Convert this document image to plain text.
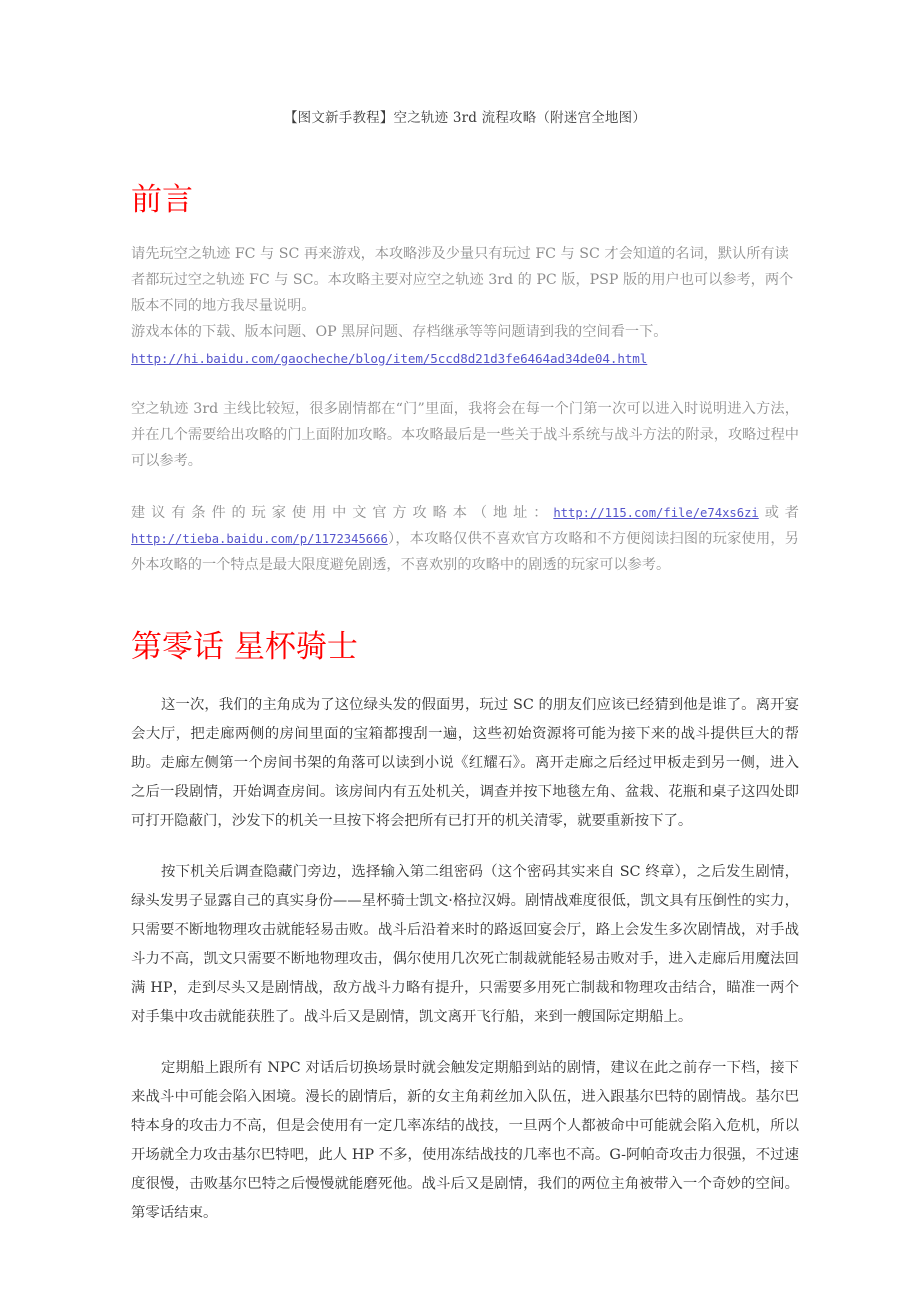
【图文新手教程】空之轨迹 3rd 流程攻略（附迷宫全地图）
前言

请先玩空之轨迹 FC 与 SC 再来游戏，本攻略涉及少量只有玩过 FC 与 SC 才会知道的名词，默认所有读者都玩过空之轨迹 FC 与 SC。本攻略主要对应空之轨迹 3rd 的 PC 版，PSP 版的用户也可以参考，两个版本不同的地方我尽量说明。

游戏本体的下载、版本问题、OP 黑屏问题、存档继承等等问题请到我的空间看一下。

http://hi.baidu.com/gaocheche/blog/item/5ccd8d21d3fe6464ad34de04.html

空之轨迹 3rd 主线比较短，很多剧情都在“门”里面，我将会在每一个门第一次可以进入时说明进入方法，并在几个需要给出攻略的门上面附加攻略。本攻略最后是一些关于战斗系统与战斗方法的附录，攻略过程中可以参考。

建议有条件的玩家使用中文官方攻略本（地址：http://115.com/file/e74xs6zi或者
http://tieba.baidu.com/p/1172345666），本攻略仅供不喜欢官方攻略和不方便阅读扫图的玩家使用，另外本攻略的一个特点是最大限度避免剧透，不喜欢别的攻略中的剧透的玩家可以参考。

第零话 星杯骑士

这一次，我们的主角成为了这位绿头发的假面男，玩过 SC 的朋友们应该已经猜到他是谁了。离开宴会大厅，把走廊两侧的房间里面的宝箱都搜刮一遍，这些初始资源将可能为接下来的战斗提供巨大的帮助。走廊左侧第一个房间书架的角落可以读到小说《红耀石》。离开走廊之后经过甲板走到另一侧，进入之后一段剧情，开始调查房间。该房间内有五处机关，调查并按下地毯左角、盆栽、花瓶和桌子这四处即可打开隐蔽门，沙发下的机关一旦按下将会把所有已打开的机关清零，就要重新按下了。

按下机关后调查隐藏门旁边，选择输入第二组密码（这个密码其实来自 SC 终章），之后发生剧情，绿头发男子显露自己的真实身份——星杯骑士凯文·格拉汉姆。剧情战难度很低，凯文具有压倒性的实力，只需要不断地物理攻击就能轻易击败。战斗后沿着来时的路返回宴会厅，路上会发生多次剧情战，对手战斗力不高，凯文只需要不断地物理攻击，偶尔使用几次死亡制裁就能轻易击败对手，进入走廊后用魔法回满 HP，走到尽头又是剧情战，敌方战斗力略有提升，只需要多用死亡制裁和物理攻击结合，瞄准一两个对手集中攻击就能获胜了。战斗后又是剧情，凯文离开飞行船，来到一艘国际定期船上。

定期船上跟所有 NPC 对话后切换场景时就会触发定期船到站的剧情，建议在此之前存一下档，接下来战斗中可能会陷入困境。漫长的剧情后，新的女主角莉丝加入队伍，进入跟基尔巴特的剧情战。基尔巴特本身的攻击力不高，但是会使用有一定几率冻结的战技，一旦两个人都被命中可能就会陷入危机，所以开场就全力攻击基尔巴特吧，此人 HP 不多，使用冻结战技的几率也不高。G-阿帕奇攻击力很强，不过速度很慢，击败基尔巴特之后慢慢就能磨死他。战斗后又是剧情，我们的两位主角被带入一个奇妙的空间。第零话结束。
